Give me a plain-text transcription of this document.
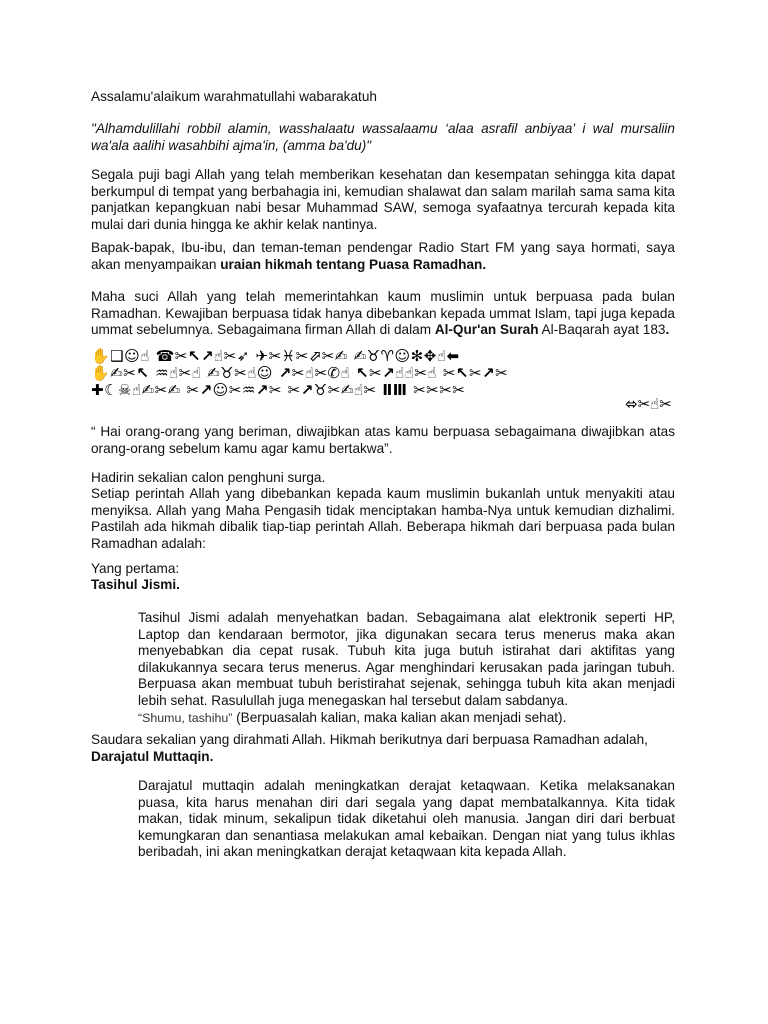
Assalamu'alaikum warahmatullahi wabarakatuh

"Alhamdulillahi robbil alamin, wasshalaatu wassalaamu ‘alaa asrafil anbiyaa' i wal mursaliin wa'ala aalihi wasahbihi ajma'in, (amma ba'du)"

Segala puji bagi Allah yang telah memberikan kesehatan dan kesempatan sehingga kita dapat berkumpul di tempat yang berbahagia ini, kemudian shalawat dan salam marilah sama sama kita panjatkan kepangkuan nabi besar Muhammad SAW, semoga syafaatnya tercurah kepada kita mulai dari dunia hingga ke akhir kelak nantinya.

Bapak-bapak, Ibu-ibu, dan teman-teman pendengar Radio Start FM yang saya hormati, saya akan menyampaikan uraian hikmah tentang Puasa Ramadhan.

Maha suci Allah yang telah memerintahkan kaum muslimin untuk berpuasa pada bulan Ramadhan. Kewajiban berpuasa tidak hanya dibebankan kepada ummat Islam, tapi juga kepada ummat sebelumnya. Sebagaimana firman Allah di dalam Al-Qur'an Surah Al-Baqarah ayat 183.

✋❑☺☝ ☎✂↖↗☝✂➶ ✈✂♓✂⬀✂✍ ✍♉♈☺✻✥☝⬅
✋✍✂↖ ♒☝✂☝ ✍♉✂☝☺ ↗✂☝✂✆☝ ↖✂↗☝☝✂☝ ✂↖✂↗✂
✚☾☠☝✍✂✍ ✂↗☺✂♒↗✂ ✂↗♉✂✍☝✂ ⅡⅢ ✂✂✂✂
⬄✂☝✂

“ Hai orang-orang yang beriman, diwajibkan atas kamu berpuasa sebagaimana diwajibkan atas orang-orang sebelum kamu agar kamu bertakwa”.

Hadirin sekalian calon penghuni surga.

Setiap perintah Allah yang dibebankan kepada kaum muslimin bukanlah untuk menyakiti atau menyiksa. Allah yang Maha Pengasih tidak menciptakan hamba-Nya untuk kemudian dizhalimi. Pastilah ada hikmah dibalik tiap-tiap perintah Allah. Beberapa hikmah dari berpuasa pada bulan Ramadhan adalah:

Yang pertama:

Tasihul Jismi.

Tasihul Jismi adalah menyehatkan badan. Sebagaimana alat elektronik seperti HP, Laptop dan kendaraan bermotor, jika digunakan secara terus menerus maka akan menyebabkan dia cepat rusak. Tubuh kita juga butuh istirahat dari aktifitas yang dilakukannya secara terus menerus. Agar menghindari kerusakan pada jaringan tubuh. Berpuasa akan membuat tubuh beristirahat sejenak, sehingga tubuh kita akan menjadi lebih sehat. Rasulullah juga menegaskan hal tersebut dalam sabdanya.
“Shumu, tashihu” (Berpuasalah kalian, maka kalian akan menjadi sehat).

Saudara sekalian yang dirahmati Allah. Hikmah berikutnya dari berpuasa Ramadhan adalah,
Darajatul Muttaqin.

Darajatul muttaqin adalah meningkatkan derajat ketaqwaan. Ketika melaksanakan puasa, kita harus menahan diri dari segala yang dapat membatalkannya. Kita tidak makan, tidak minum, sekalipun tidak diketahui oleh manusia. Jangan diri dari berbuat kemungkaran dan senantiasa melakukan amal kebaikan. Dengan niat yang tulus ikhlas beribadah, ini akan meningkatkan derajat ketaqwaan kita kepada Allah.
